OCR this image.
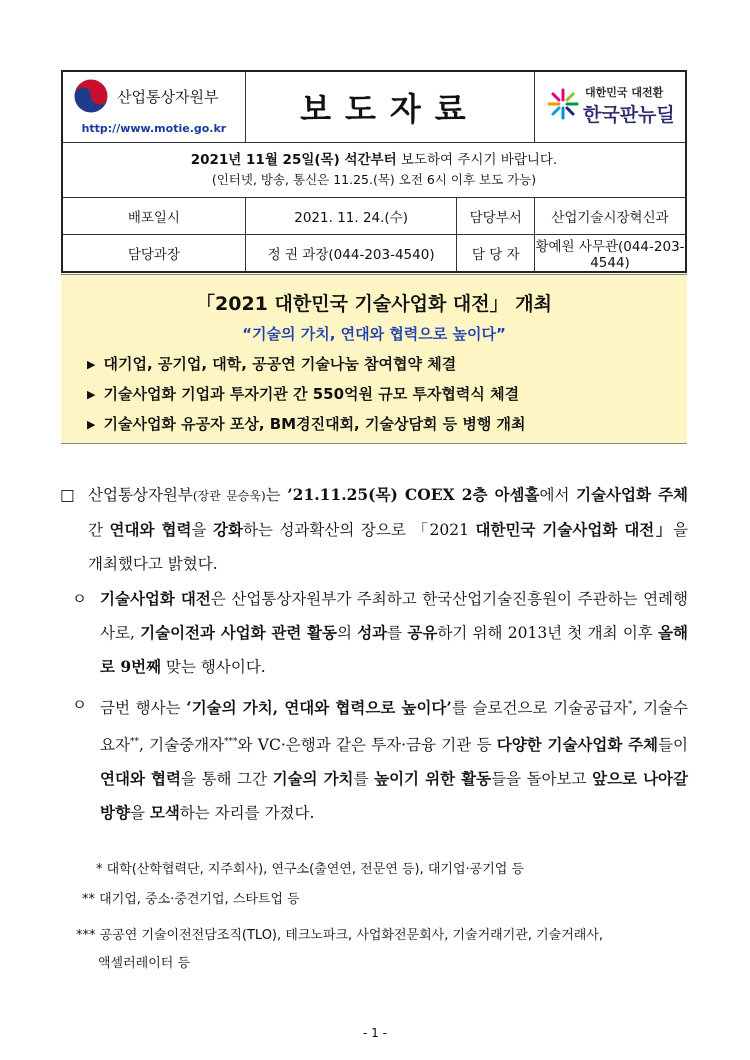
산업통상자원부
http://www.motie.go.kr	보도자료		대한민국 대전환
한국판뉴딜

2021년 11월 25일(목) 석간부터 보도하여 주시기 바랍니다.
(인터넷, 방송, 통신은 11.25.(목) 오전 6시 이후 보도 가능)			

배포일시	2021. 11. 24.(수)	담당부서	산업기술시장혁신과
담당과장	정 권 과장(044-203-4540)	담 당 자	황예원 사무관(044-203-4544)
「2021 대한민국 기술사업화 대전」 개최
“기술의 가치, 연대와 협력으로 높이다”
▶ 대기업, 공기업, 대학, 공공연 기술나눔 참여협약 체결
▶ 기술사업화 기업과 투자기관 간 550억원 규모 투자협력식 체결
▶ 기술사업화 유공자 포상, BM경진대회, 기술상담회 등 병행 개최
□ 산업통상자원부(장관 문승욱)는 ’21.11.25(목) COEX 2층 아셈홀에서 기술사업화 주체 간 연대와 협력을 강화하는 성과확산의 장으로 「2021 대한민국 기술사업화 대전」을 개최했다고 밝혔다.
ㅇ 기술사업화 대전은 산업통상자원부가 주최하고 한국산업기술진흥원이 주관하는 연례행사로, 기술이전과 사업화 관련 활동의 성과를 공유하기 위해 2013년 첫 개최 이후 올해로 9번째 맞는 행사이다.
ㅇ 금번 행사는 ‘기술의 가치, 연대와 협력으로 높이다’를 슬로건으로 기술공급자*, 기술수요자**, 기술중개자***와 VC·은행과 같은 투자·금융 기관 등 다양한 기술사업화 주체들이 연대와 협력을 통해 그간 기술의 가치를 높이기 위한 활동들을 돌아보고 앞으로 나아갈 방향을 모색하는 자리를 가졌다.
* 대학(산학협력단, 지주회사), 연구소(출연연, 전문연 등), 대기업·공기업 등
** 대기업, 중소·중견기업, 스타트업 등
*** 공공연 기술이전전담조직(TLO), 테크노파크, 사업화전문회사, 기술거래기관, 기술거래사,
액셀러레이터 등
- 1 -
